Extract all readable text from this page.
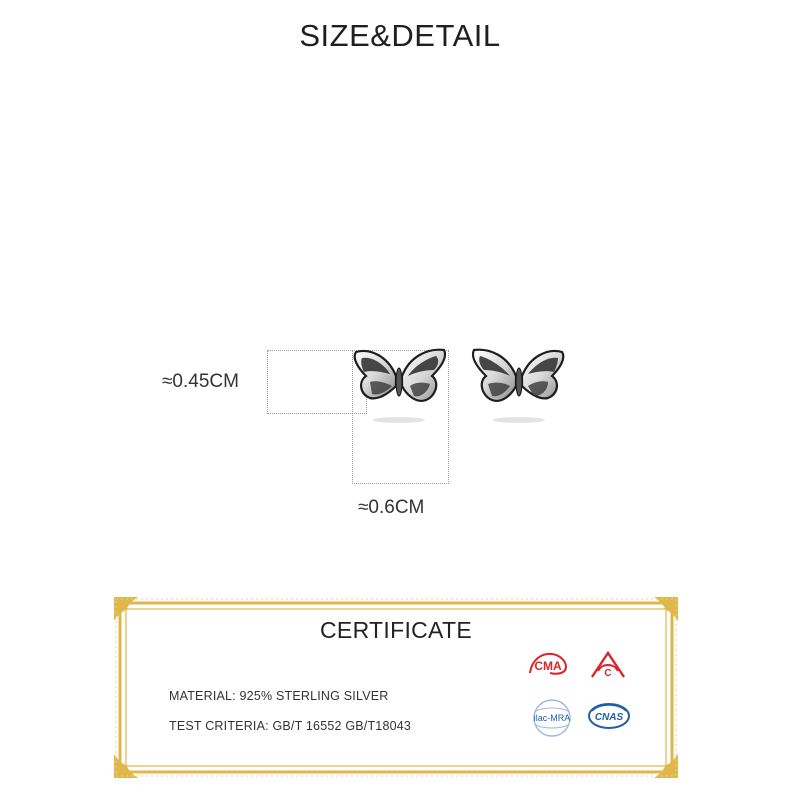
SIZE&DETAIL
≈0.45CM
≈0.6CM
CERTIFICATE
MATERIAL: 925% STERLING SILVER
TEST CRITERIA: GB/T 16552 GB/T18043
CMA
C
ilac-MRA CNAS
